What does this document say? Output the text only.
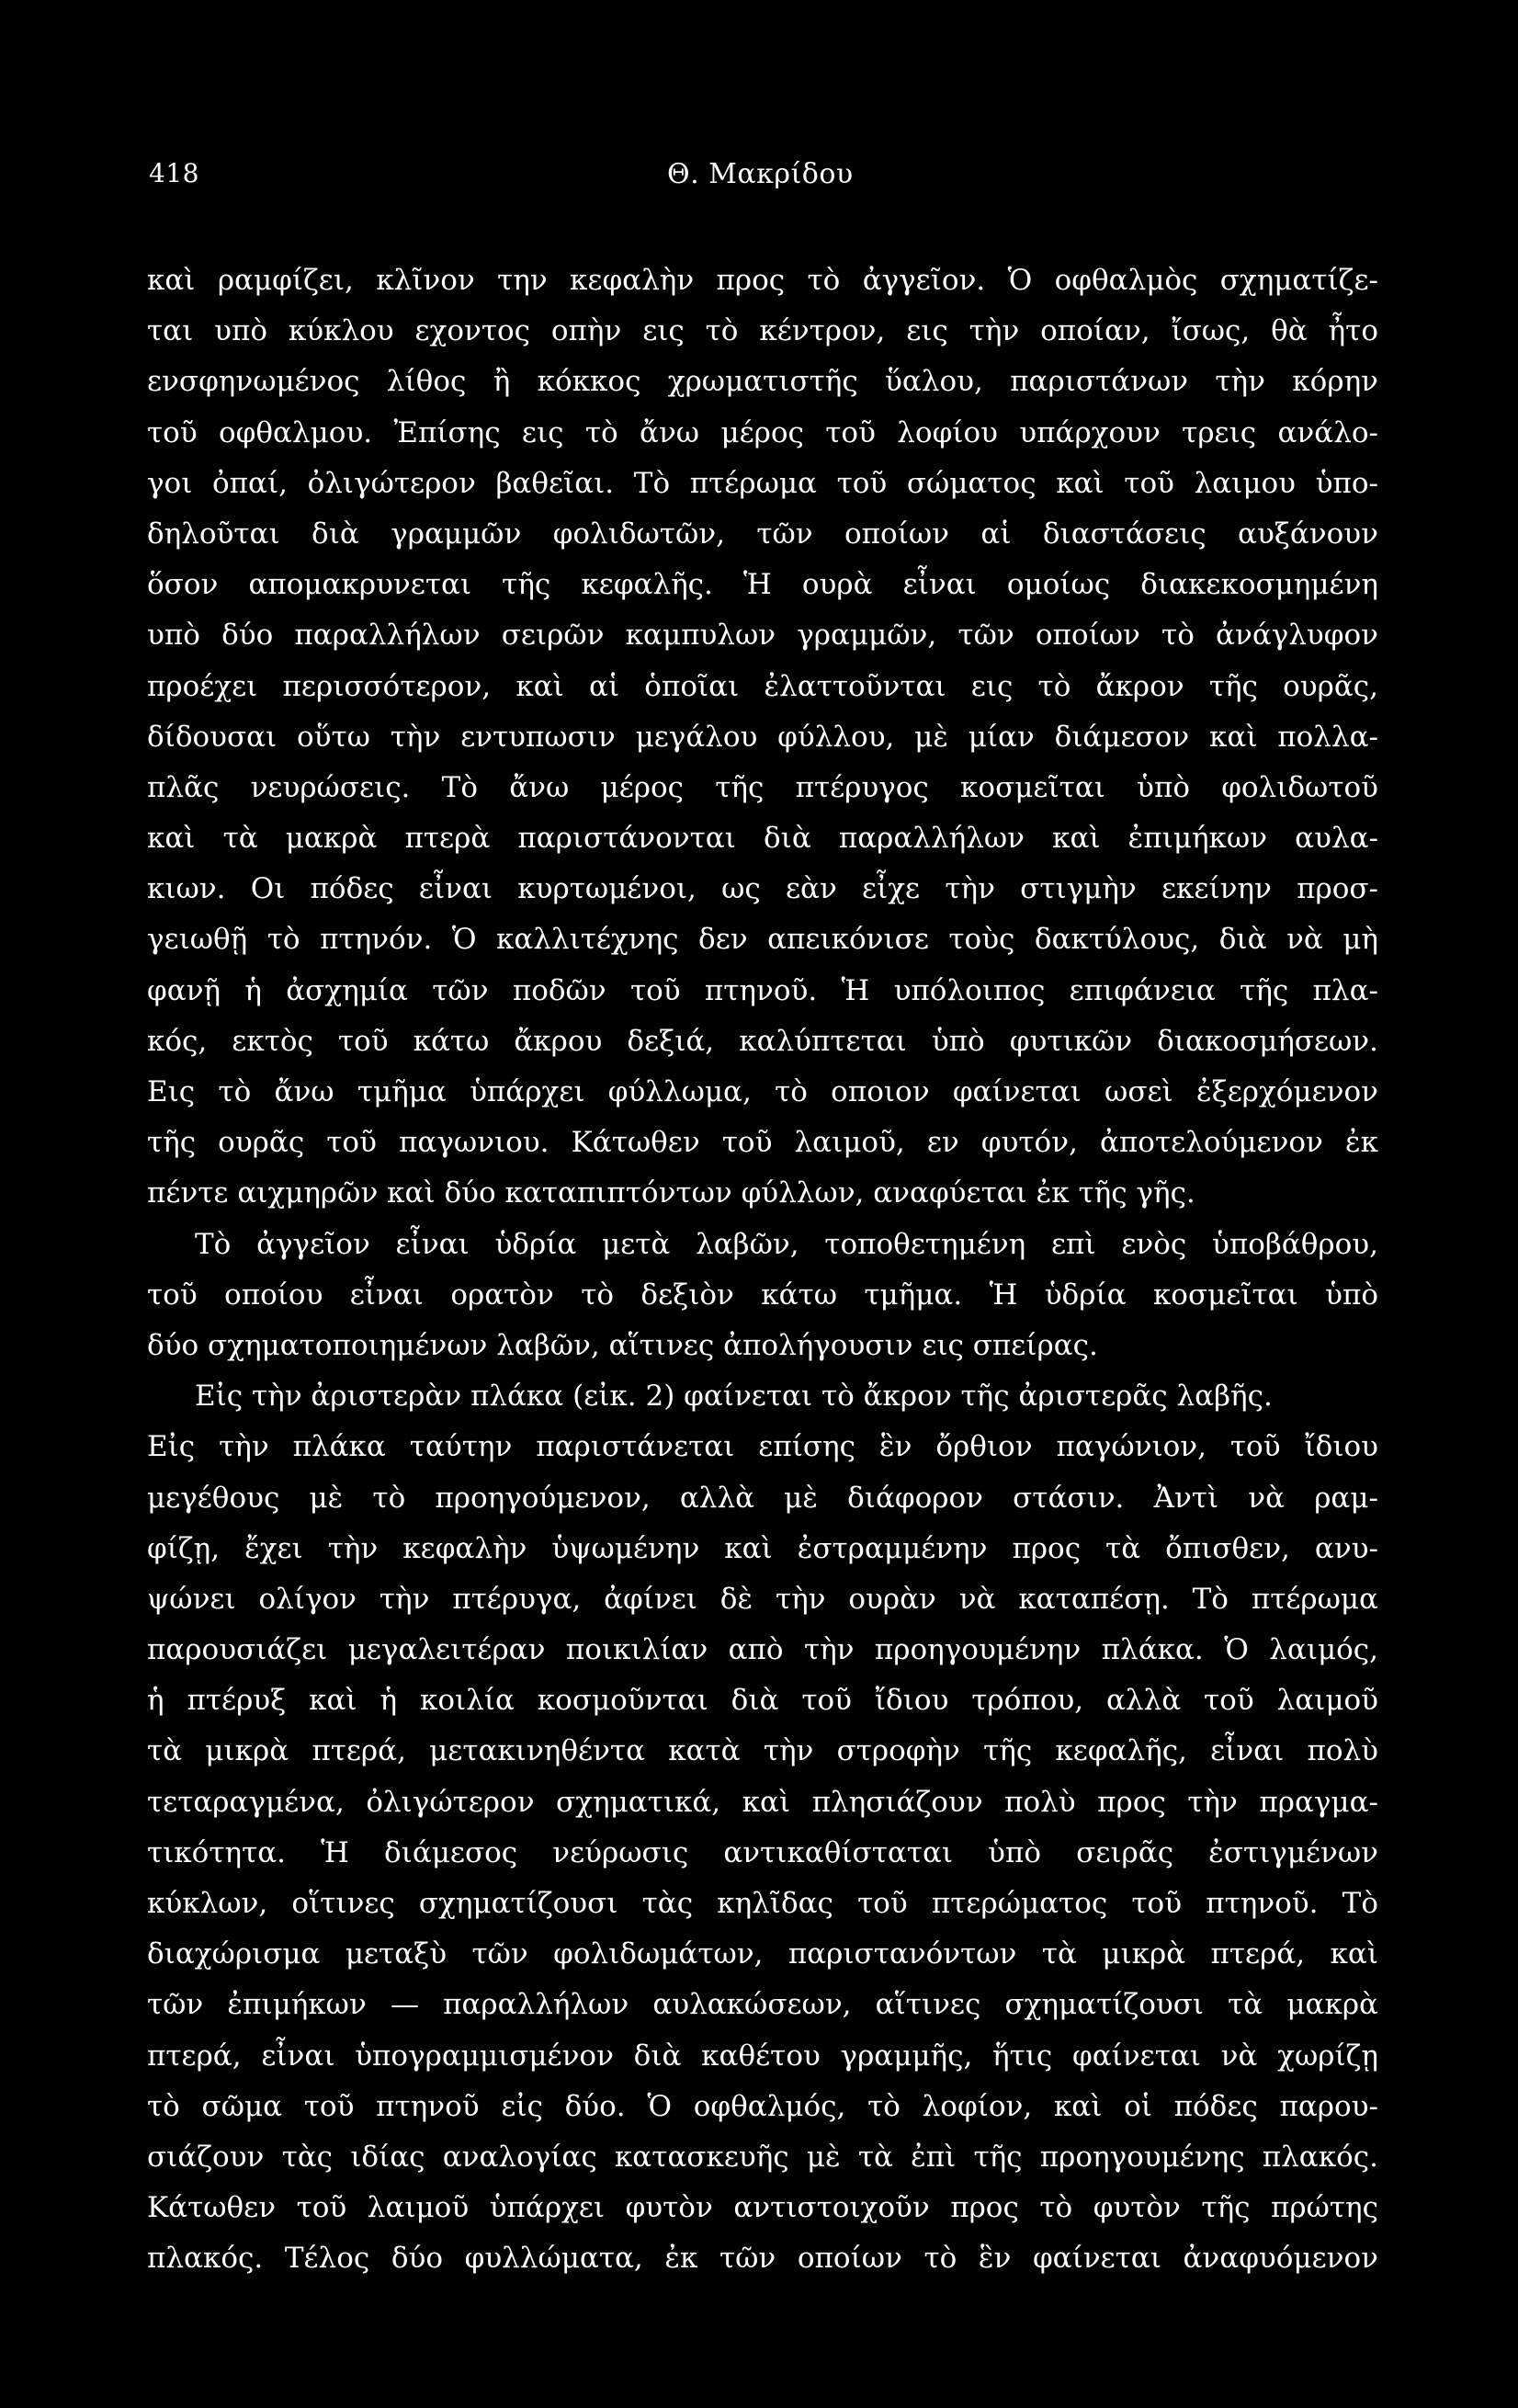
418	Θ. Μακρίδου
καὶ ραμφίζει, κλῖνον την κεφαλὴν προς τὸ ἀγγεῖον. Ὁ οφθαλμὸς σχηματίζε-
ται υπὸ κύκλου εχοντος οπὴν εις τὸ κέντρον, εις τὴν οποίαν, ἴσως, θὰ ἦτο
ενσφηνωμένος λίθος ἢ κόκκος χρωματιστῆς ὕαλου, παριστάνων τὴν κόρην
τοῦ οφθαλμου. Ἐπίσης εις τὸ ἄνω μέρος τοῦ λοφίου υπάρχουν τρεις ανάλο-
γοι ὀπαί, ὀλιγώτερον βαθεῖαι. Τὸ πτέρωμα τοῦ σώματος καὶ τοῦ λαιμου ὑπο-
δηλοῦται διὰ γραμμῶν φολιδωτῶν, τῶν οποίων αἱ διαστάσεις αυξάνουν
ὅσον απομακρυνεται τῆς κεφαλῆς. Ἡ ουρὰ εἶναι ομοίως διακεκοσμημένη
υπὸ δύο παραλλήλων σειρῶν καμπυλων γραμμῶν, τῶν οποίων τὸ ἀνάγλυφον
προέχει περισσότερον, καὶ αἱ ὁποῖαι ἐλαττοῦνται εις τὸ ἄκρον τῆς ουρᾶς,
δίδουσαι οὕτω τὴν εντυπωσιν μεγάλου φύλλου, μὲ μίαν διάμεσον καὶ πολλα-
πλᾶς νευρώσεις. Τὸ ἄνω μέρος τῆς πτέρυγος κοσμεῖται ὑπὸ φολιδωτοῦ
καὶ τὰ μακρὰ πτερὰ παριστάνονται διὰ παραλλήλων καὶ ἐπιμήκων αυλα-
κιων. Οι πόδες εἶναι κυρτωμένοι, ως εὰν εἶχε τὴν στιγμὴν εκείνην προσ-
γειωθῇ τὸ πτηνόν. Ὁ καλλιτέχνης δεν απεικόνισε τοὺς δακτύλους, διὰ νὰ μὴ
φανῇ ἡ ἀσχημία τῶν ποδῶν τοῦ πτηνοῦ. Ἡ υπόλοιπος επιφάνεια τῆς πλα-
κός, εκτὸς τοῦ κάτω ἄκρου δεξιά, καλύπτεται ὑπὸ φυτικῶν διακοσμήσεων.
Εις τὸ ἄνω τμῆμα ὑπάρχει φύλλωμα, τὸ οποιον φαίνεται ωσεὶ ἐξερχόμενον
τῆς ουρᾶς τοῦ παγωνιου. Κάτωθεν τοῦ λαιμοῦ, εν φυτόν, ἀποτελούμενον ἐκ
πέντε αιχμηρῶν καὶ δύο καταπιπτόντων φύλλων, αναφύεται ἐκ τῆς γῆς.
Τὸ ἀγγεῖον εἶναι ὑδρία μετὰ λαβῶν, τοποθετημένη επὶ ενὸς ὑποβάθρου,
τοῦ οποίου εἶναι ορατὸν τὸ δεξιὸν κάτω τμῆμα. Ἡ ὑδρία κοσμεῖται ὑπὸ
δύο σχηματοποιημένων λαβῶν, αἵτινες ἀπολήγουσιν εις σπείρας.
Εἰς τὴν ἀριστερὰν πλάκα (εἰκ. 2) φαίνεται τὸ ἄκρον τῆς ἀριστερᾶς λαβῆς.
Εἰς τὴν πλάκα ταύτην παριστάνεται επίσης ἓν ὄρθιον παγώνιον, τοῦ ἴδιου
μεγέθους μὲ τὸ προηγούμενον, αλλὰ μὲ διάφορον στάσιν. Ἀντὶ νὰ ραμ-
φίζῃ, ἔχει τὴν κεφαλὴν ὑψωμένην καὶ ἐστραμμένην προς τὰ ὄπισθεν, ανυ-
ψώνει ολίγον τὴν πτέρυγα, ἀφίνει δὲ τὴν ουρὰν νὰ καταπέσῃ. Τὸ πτέρωμα
παρουσιάζει μεγαλειτέραν ποικιλίαν απὸ τὴν προηγουμένην πλάκα. Ὁ λαιμός,
ἡ πτέρυξ καὶ ἡ κοιλία κοσμοῦνται διὰ τοῦ ἴδιου τρόπου, αλλὰ τοῦ λαιμοῦ
τὰ μικρὰ πτερά, μετακινηθέντα κατὰ τὴν στροφὴν τῆς κεφαλῆς, εἶναι πολὺ
τεταραγμένα, ὀλιγώτερον σχηματικά, καὶ πλησιάζουν πολὺ προς τὴν πραγμα-
τικότητα. Ἡ διάμεσος νεύρωσις αντικαθίσταται ὑπὸ σειρᾶς ἐστιγμένων
κύκλων, οἵτινες σχηματίζουσι τὰς κηλῖδας τοῦ πτερώματος τοῦ πτηνοῦ. Τὸ
διαχώρισμα μεταξὺ τῶν φολιδωμάτων, παριστανόντων τὰ μικρὰ πτερά, καὶ
τῶν ἐπιμήκων — παραλλήλων αυλακώσεων, αἵτινες σχηματίζουσι τὰ μακρὰ
πτερά, εἶναι ὑπογραμμισμένον διὰ καθέτου γραμμῆς, ἥτις φαίνεται νὰ χωρίζῃ
τὸ σῶμα τοῦ πτηνοῦ εἰς δύο. Ὁ οφθαλμός, τὸ λοφίον, καὶ οἱ πόδες παρου-
σιάζουν τὰς ιδίας αναλογίας κατασκευῆς μὲ τὰ ἐπὶ τῆς προηγουμένης πλακός.
Κάτωθεν τοῦ λαιμοῦ ὑπάρχει φυτὸν αντιστοιχοῦν προς τὸ φυτὸν τῆς πρώτης
πλακός. Τέλος δύο φυλλώματα, ἐκ τῶν οποίων τὸ ἓν φαίνεται ἀναφυόμενον
